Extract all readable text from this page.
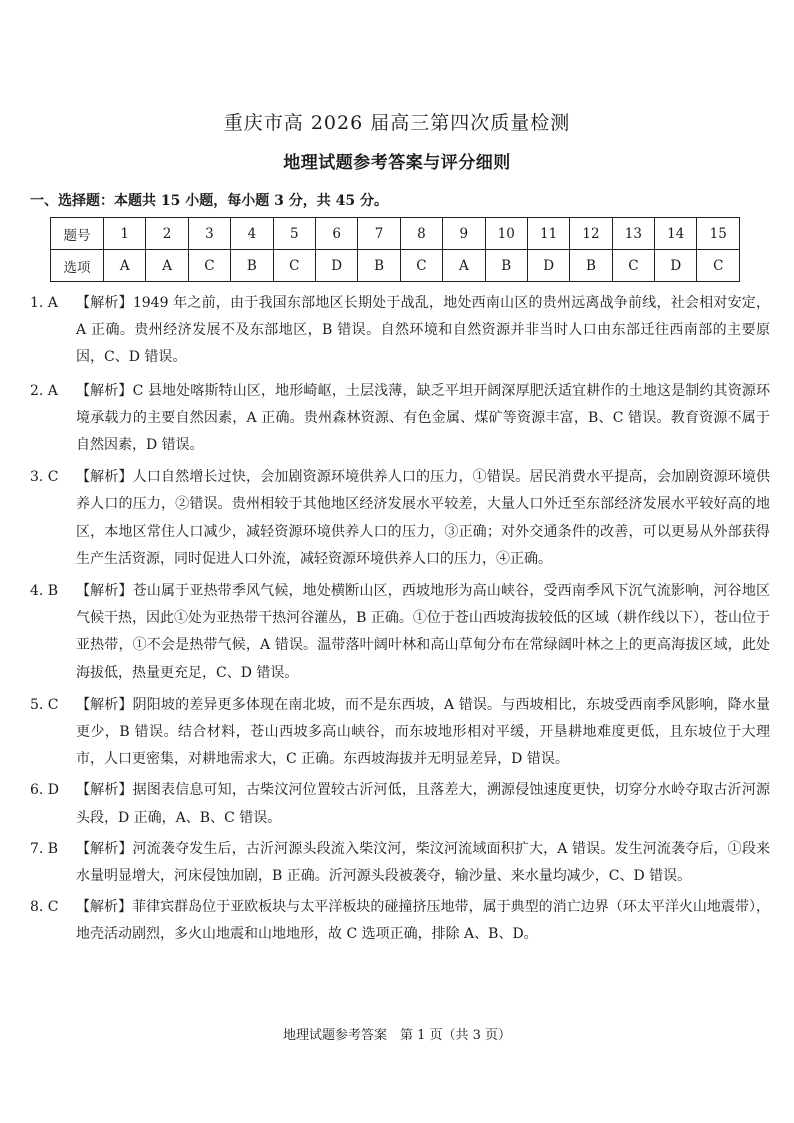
重庆市高 2026 届高三第四次质量检测
地理试题参考答案与评分细则
一、选择题：本题共 15 小题，每小题 3 分，共 45 分。
题号	1	2	3	4	5	6	7	8	9	10	11	12	13	14	15
选项	A	A	C	B	C	D	B	C	A	B	D	B	C	D	C
1. A	【解析】1949 年之前，由于我国东部地区长期处于战乱，地处西南山区的贵州远离战争前线，社会相对安定，A 正确。贵州经济发展不及东部地区，B 错误。自然环境和自然资源并非当时人口由东部迁往西南部的主要原因，C、D 错误。
2. A	【解析】C 县地处喀斯特山区，地形崎岖，土层浅薄，缺乏平坦开阔深厚肥沃适宜耕作的土地这是制约其资源环境承载力的主要自然因素，A 正确。贵州森林资源、有色金属、煤矿等资源丰富，B、C 错误。教育资源不属于自然因素，D 错误。
3. C	【解析】人口自然增长过快，会加剧资源环境供养人口的压力，①错误。居民消费水平提高，会加剧资源环境供养人口的压力，②错误。贵州相较于其他地区经济发展水平较差，大量人口外迁至东部经济发展水平较好高的地区，本地区常住人口减少，减轻资源环境供养人口的压力，③正确；对外交通条件的改善，可以更易从外部获得生产生活资源，同时促进人口外流，减轻资源环境供养人口的压力，④正确。
4. B	【解析】苍山属于亚热带季风气候，地处横断山区，西坡地形为高山峡谷，受西南季风下沉气流影响，河谷地区气候干热，因此①处为亚热带干热河谷灌丛，B 正确。①位于苍山西坡海拔较低的区域（耕作线以下），苍山位于亚热带，①不会是热带气候，A 错误。温带落叶阔叶林和高山草甸分布在常绿阔叶林之上的更高海拔区域，此处海拔低，热量更充足，C、D 错误。
5. C	【解析】阴阳坡的差异更多体现在南北坡，而不是东西坡，A 错误。与西坡相比，东坡受西南季风影响，降水量更少，B 错误。结合材料，苍山西坡多高山峡谷，而东坡地形相对平缓，开垦耕地难度更低，且东坡位于大理市，人口更密集，对耕地需求大，C 正确。东西坡海拔并无明显差异，D 错误。
6. D	【解析】据图表信息可知，古柴汶河位置较古沂河低，且落差大，溯源侵蚀速度更快，切穿分水岭夺取古沂河源头段，D 正确，A、B、C 错误。
7. B	【解析】河流袭夺发生后，古沂河源头段流入柴汶河，柴汶河流域面积扩大，A 错误。发生河流袭夺后，①段来水量明显增大，河床侵蚀加剧，B 正确。沂河源头段被袭夺，输沙量、来水量均减少，C、D 错误。
8. C	【解析】菲律宾群岛位于亚欧板块与太平洋板块的碰撞挤压地带，属于典型的消亡边界（环太平洋火山地震带），地壳活动剧烈，多火山地震和山地地形，故 C 选项正确，排除 A、B、D。
地理试题参考答案　第 1 页（共 3 页）
